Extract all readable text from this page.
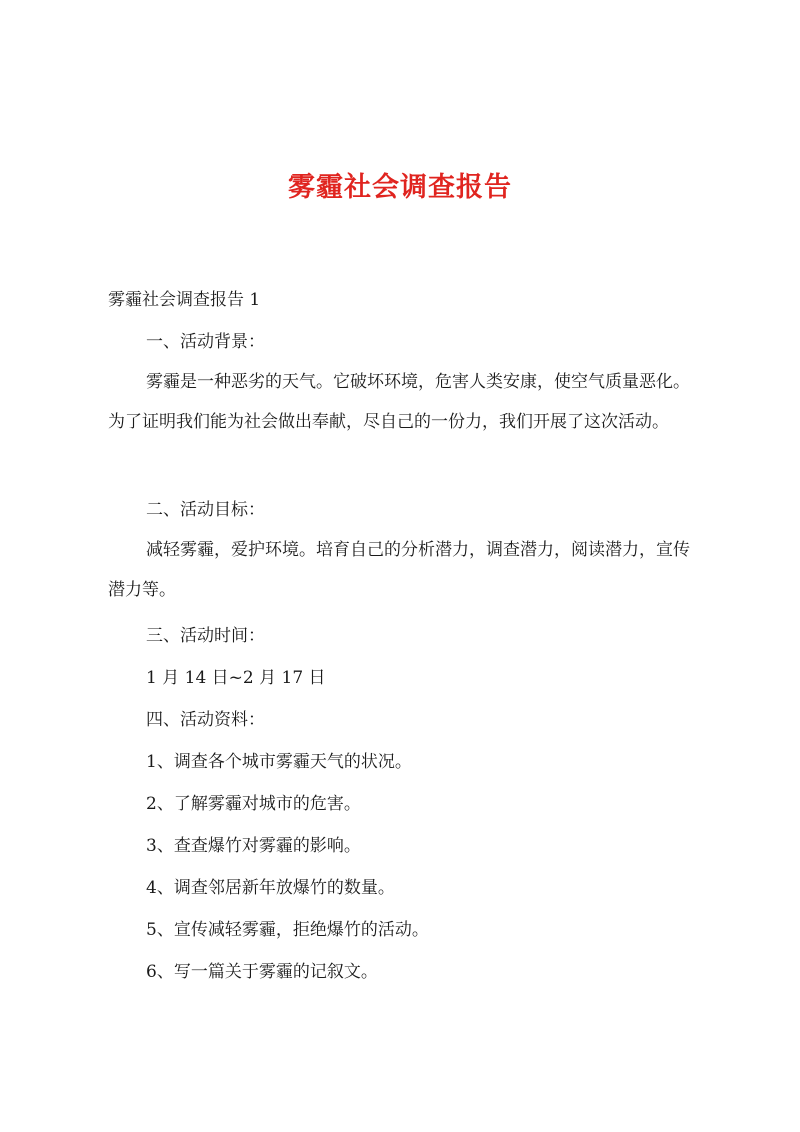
雾霾社会调查报告
雾霾社会调查报告 1
一、活动背景：
雾霾是一种恶劣的天气。它破坏环境，危害人类安康，使空气质量恶化。为了证明我们能为社会做出奉献，尽自己的一份力，我们开展了这次活动。
二、活动目标：
减轻雾霾，爱护环境。培育自己的分析潜力，调查潜力，阅读潜力，宣传潜力等。
三、活动时间：
1 月 14 日~2 月 17 日
四、活动资料：
1、调查各个城市雾霾天气的状况。
2、了解雾霾对城市的危害。
3、查查爆竹对雾霾的影响。
4、调查邻居新年放爆竹的数量。
5、宣传减轻雾霾，拒绝爆竹的活动。
6、写一篇关于雾霾的记叙文。
